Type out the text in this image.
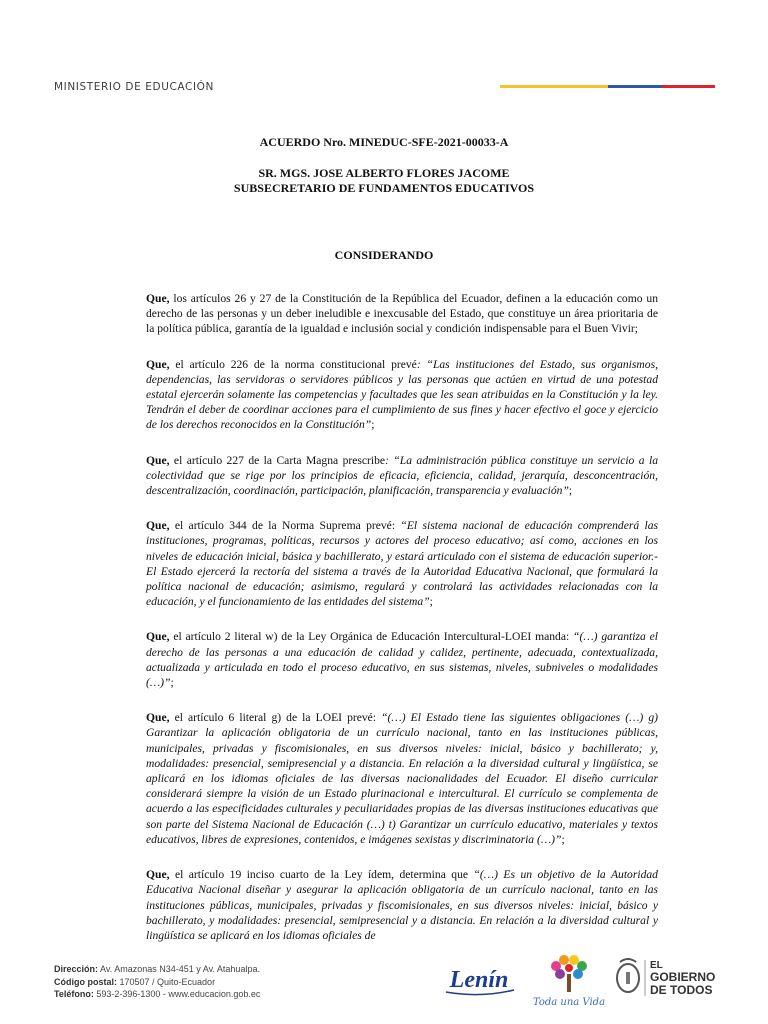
MINISTERIO DE EDUCACIÓN

ACUERDO Nro. MINEDUC-SFE-2021-00033-A

SR. MGS. JOSE ALBERTO FLORES JACOME

SUBSECRETARIO DE FUNDAMENTOS EDUCATIVOS

CONSIDERANDO

Que, los artículos 26 y 27 de la Constitución de la República del Ecuador, definen a la educación como un derecho de las personas y un deber ineludible e inexcusable del Estado, que constituye un área prioritaria de la política pública, garantía de la igualdad e inclusión social y condición indispensable para el Buen Vivir;

Que, el artículo 226 de la norma constitucional prevé: “Las instituciones del Estado, sus organismos, dependencias, las servidoras o servidores públicos y las personas que actúen en virtud de una potestad estatal ejercerán solamente las competencias y facultades que les sean atribuidas en la Constitución y la ley. Tendrán el deber de coordinar acciones para el cumplimiento de sus fines y hacer efectivo el goce y ejercicio de los derechos reconocidos en la Constitución”;

Que, el artículo 227 de la Carta Magna prescribe: “La administración pública constituye un servicio a la colectividad que se rige por los principios de eficacia, eficiencia, calidad, jerarquía, desconcentración, descentralización, coordinación, participación, planificación, transparencia y evaluación”;

Que, el artículo 344 de la Norma Suprema prevé: “El sistema nacional de educación comprenderá las instituciones, programas, políticas, recursos y actores del proceso educativo; así como, acciones en los niveles de educación inicial, básica y bachillerato, y estará articulado con el sistema de educación superior.- El Estado ejercerá la rectoría del sistema a través de la Autoridad Educativa Nacional, que formulará la política nacional de educación; asimismo, regulará y controlará las actividades relacionadas con la educación, y el funcionamiento de las entidades del sistema”;

Que, el artículo 2 literal w) de la Ley Orgánica de Educación Intercultural-LOEI manda: “(…) garantiza el derecho de las personas a una educación de calidad y calidez, pertinente, adecuada, contextualizada, actualizada y articulada en todo el proceso educativo, en sus sistemas, niveles, subniveles o modalidades (…)”;

Que, el artículo 6 literal g) de la LOEI prevé: “(…) El Estado tiene las siguientes obligaciones (…) g) Garantizar la aplicación obligatoria de un currículo nacional, tanto en las instituciones públicas, municipales, privadas y fiscomisionales, en sus diversos niveles: inicial, básico y bachillerato; y, modalidades: presencial, semipresencial y a distancia. En relación a la diversidad cultural y lingüística, se aplicará en los idiomas oficiales de las diversas nacionalidades del Ecuador. El diseño curricular considerará siempre la visión de un Estado plurinacional e intercultural. El currículo se complementa de acuerdo a las especificidades culturales y peculiaridades propias de las diversas instituciones educativas que son parte del Sistema Nacional de Educación (…) t) Garantizar un currículo educativo, materiales y textos educativos, libres de expresiones, contenidos, e imágenes sexistas y discriminatoria (…)”;

Que, el artículo 19 inciso cuarto de la Ley ídem, determina que “(…) Es un objetivo de la Autoridad Educativa Nacional diseñar y asegurar la aplicación obligatoria de un currículo nacional, tanto en las instituciones públicas, municipales, privadas y fiscomisionales, en sus diversos niveles: inicial, básico y bachillerato, y modalidades: presencial, semipresencial y a distancia. En relación a la diversidad cultural y lingüística se aplicará en los idiomas oficiales de

Dirección: Av. Amazonas N34-451 y Av. Atahualpa.
Código postal: 170507 / Quito-Ecuador
Teléfono: 593-2-396-1300 - www.educacion.gob.ec
Lenín
Toda una Vida
EL
GOBIERNO
DE TODOS
